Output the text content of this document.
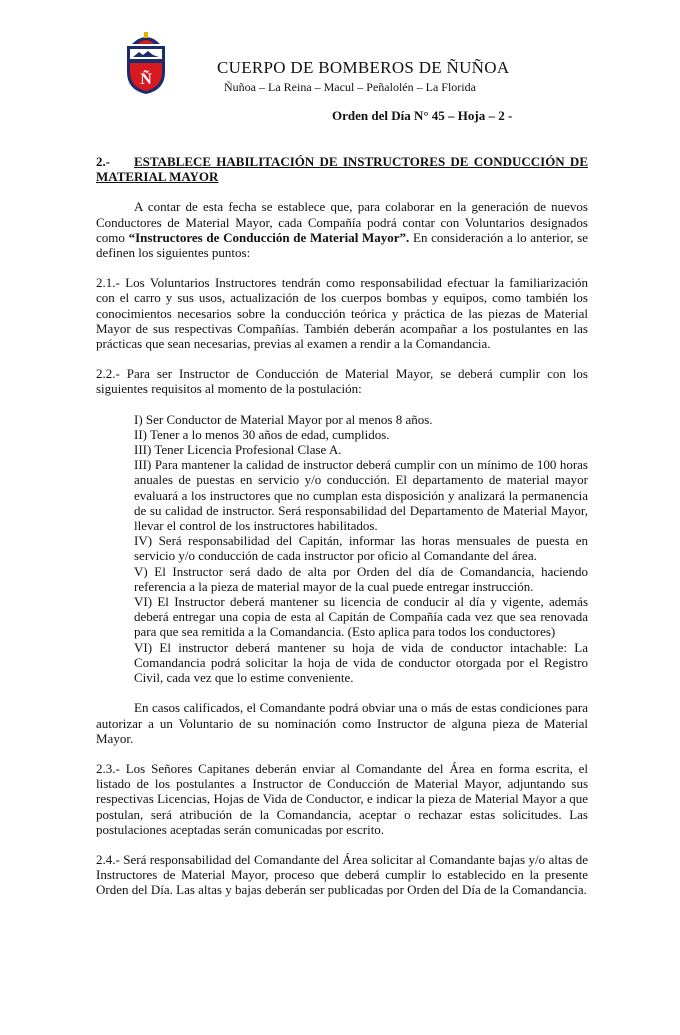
Ñ
CUERPO DE BOMBEROS DE ÑUÑOA
Ñuñoa – La Reina – Macul – Peñalolén – La Florida
Orden del Día N° 45 – Hoja – 2 -
2.- ESTABLECE HABILITACIÓN DE INSTRUCTORES DE CONDUCCIÓN DE MATERIAL MAYOR

A contar de esta fecha se establece que, para colaborar en la generación de nuevos Conductores de Material Mayor, cada Compañía podrá contar con Voluntarios designados como “Instructores de Conducción de Material Mayor”. En consideración a lo anterior, se definen los siguientes puntos:

2.1.- Los Voluntarios Instructores tendrán como responsabilidad efectuar la familiarización con el carro y sus usos, actualización de los cuerpos bombas y equipos, como también los conocimientos necesarios sobre la conducción teórica y práctica de las piezas de Material Mayor de sus respectivas Compañías. También deberán acompañar a los postulantes en las prácticas que sean necesarias, previas al examen a rendir a la Comandancia.

2.2.- Para ser Instructor de Conducción de Material Mayor, se deberá cumplir con los siguientes requisitos al momento de la postulación:

I) Ser Conductor de Material Mayor por al menos 8 años.
II) Tener a lo menos 30 años de edad, cumplidos.
III) Tener Licencia Profesional Clase A.
III) Para mantener la calidad de instructor deberá cumplir con un mínimo de 100 horas anuales de puestas en servicio y/o conducción. El departamento de material mayor evaluará a los instructores que no cumplan esta disposición y analizará la permanencia de su calidad de instructor. Será responsabilidad del Departamento de Material Mayor, llevar el control de los instructores habilitados.
IV) Será responsabilidad del Capitán, informar las horas mensuales de puesta en servicio y/o conducción de cada instructor por oficio al Comandante del área.
V) El Instructor será dado de alta por Orden del día de Comandancia, haciendo referencia a la pieza de material mayor de la cual puede entregar instrucción.
VI) El Instructor deberá mantener su licencia de conducir al día y vigente, además deberá entregar una copia de esta al Capitán de Compañía cada vez que sea renovada para que sea remitida a la Comandancia. (Esto aplica para todos los conductores)
VI) El instructor deberá mantener su hoja de vida de conductor intachable: La Comandancia podrá solicitar la hoja de vida de conductor otorgada por el Registro Civil, cada vez que lo estime conveniente.

En casos calificados, el Comandante podrá obviar una o más de estas condiciones para autorizar a un Voluntario de su nominación como Instructor de alguna pieza de Material Mayor.

2.3.- Los Señores Capitanes deberán enviar al Comandante del Área en forma escrita, el listado de los postulantes a Instructor de Conducción de Material Mayor, adjuntando sus respectivas Licencias, Hojas de Vida de Conductor, e indicar la pieza de Material Mayor a que postulan, será atribución de la Comandancia, aceptar o rechazar estas solicitudes. Las postulaciones aceptadas serán comunicadas por escrito.

2.4.- Será responsabilidad del Comandante del Área solicitar al Comandante bajas y/o altas de Instructores de Material Mayor, proceso que deberá cumplir lo establecido en la presente Orden del Día. Las altas y bajas deberán ser publicadas por Orden del Día de la Comandancia.
